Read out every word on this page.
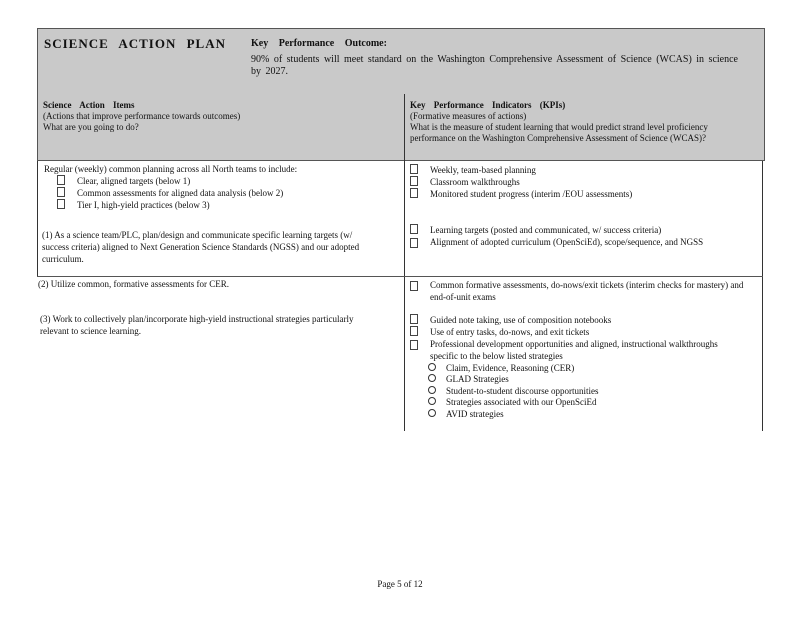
SCIENCE ACTION PLAN	Key Performance Outcome:
90% of students will meet standard on the Washington Comprehensive Assessment of Science (WCAS) in science by 2027.
Science Action Items
(Actions that improve performance towards outcomes)
What are you going to do?
Key Performance Indicators (KPIs)
(Formative measures of actions)
What is the measure of student learning that would predict strand level proficiency performance on the Washington Comprehensive Assessment of Science (WCAS)?
Regular (weekly) common planning across all North teams to include:
Clear, aligned targets (below 1)
Common assessments for aligned data analysis (below 2)
Tier I, high-yield practices (below 3)
(1) As a science team/PLC, plan/design and communicate specific learning targets (w/ success criteria) aligned to Next Generation Science Standards (NGSS) and our adopted curriculum.
Weekly, team-based planning
Classroom walkthroughs
Monitored student progress (interim /EOU assessments)
Learning targets (posted and communicated, w/ success criteria)
Alignment of adopted curriculum (OpenSciEd), scope/sequence, and NGSS
(2) Utilize common, formative assessments for CER.
(3) Work to collectively plan/incorporate high-yield instructional strategies particularly relevant to science learning.
Common formative assessments, do-nows/exit tickets (interim checks for mastery) and end-of-unit exams
Guided note taking, use of composition notebooks
Use of entry tasks, do-nows, and exit tickets
Professional development opportunities and aligned, instructional walkthroughs specific to the below listed strategies
Claim, Evidence, Reasoning (CER)
GLAD Strategies
Student-to-student discourse opportunities
Strategies associated with our OpenSciEd
AVID strategies
Page 5 of 12
